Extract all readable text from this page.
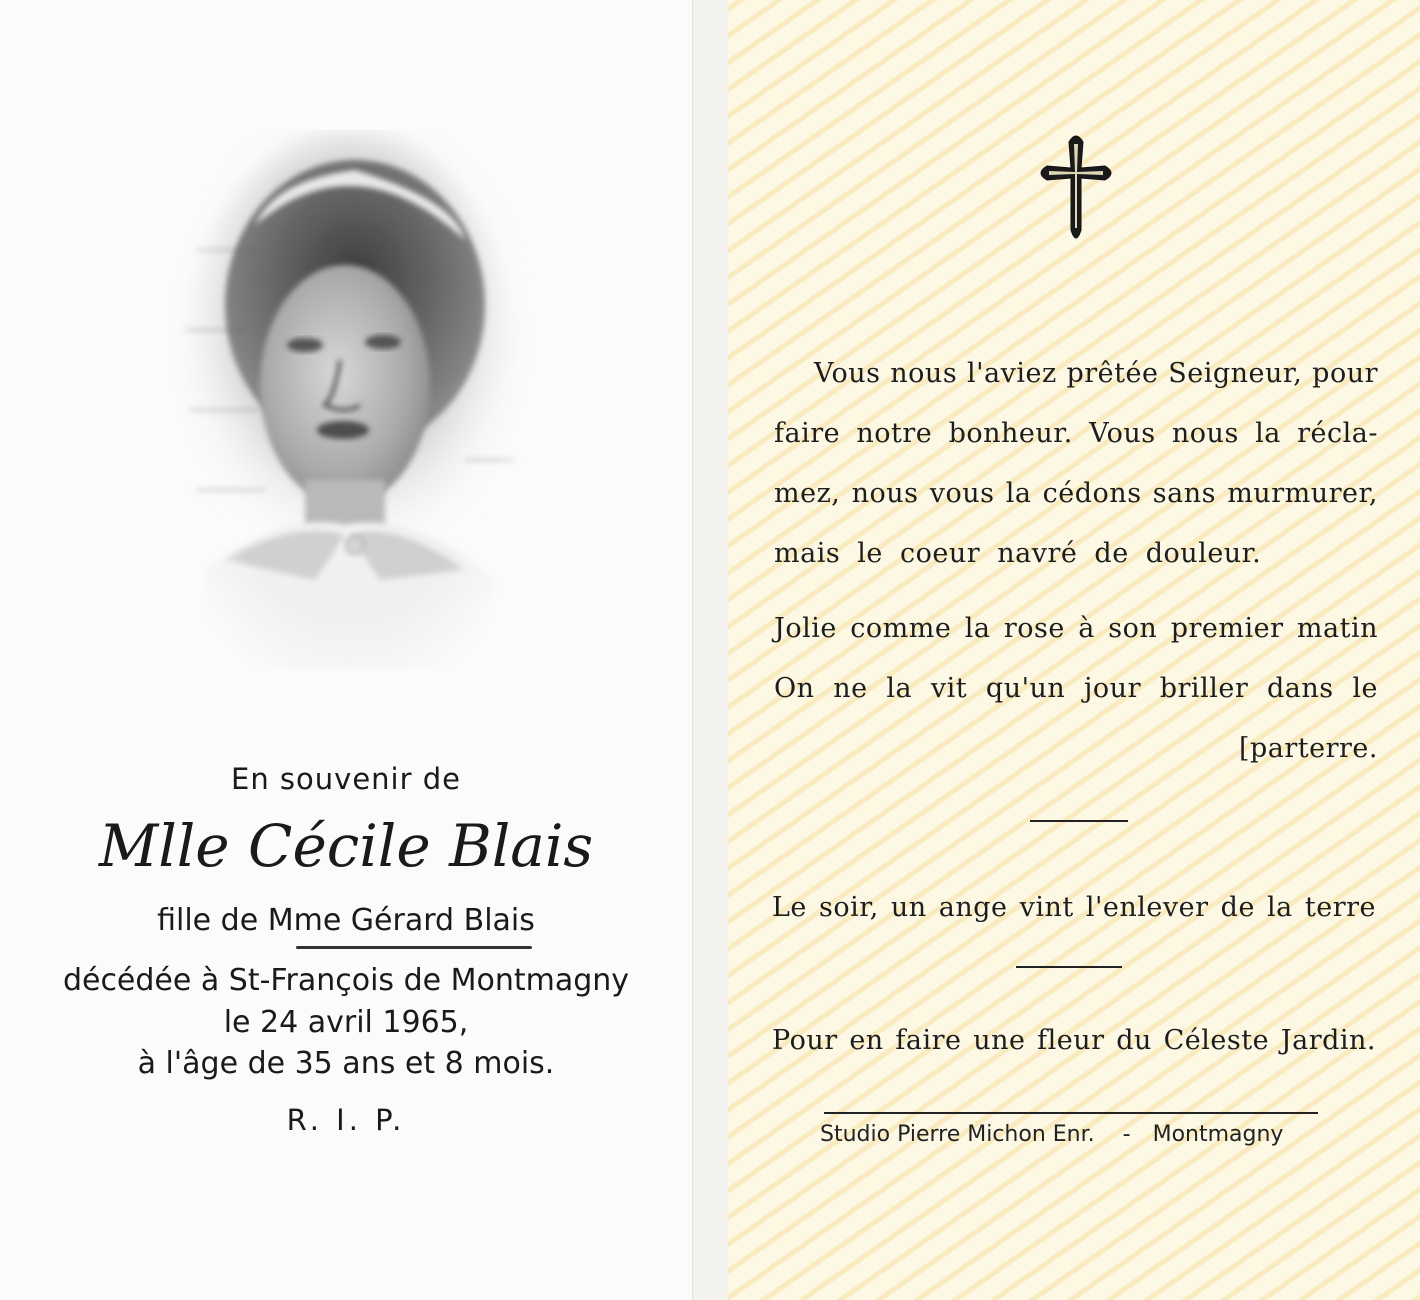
En souvenir de
Mlle Cécile Blais
fille de Mme Gérard Blais
décédée à St-François de Montmagny
le 24 avril 1965,
à l'âge de 35 ans et 8 mois.
R. I. P.
Vous nous l'aviez prêtée Seigneur, pour
faire notre bonheur. Vous nous la récla-
mez, nous vous la cédons sans murmurer,
mais le coeur navré de douleur.
Jolie comme la rose à son premier matin
On ne la vit qu'un jour briller dans le
[parterre.
Le soir, un ange vint l'enlever de la terre
Pour en faire une fleur du Céleste Jardin.
Studio Pierre Michon Enr. - Montmagny
